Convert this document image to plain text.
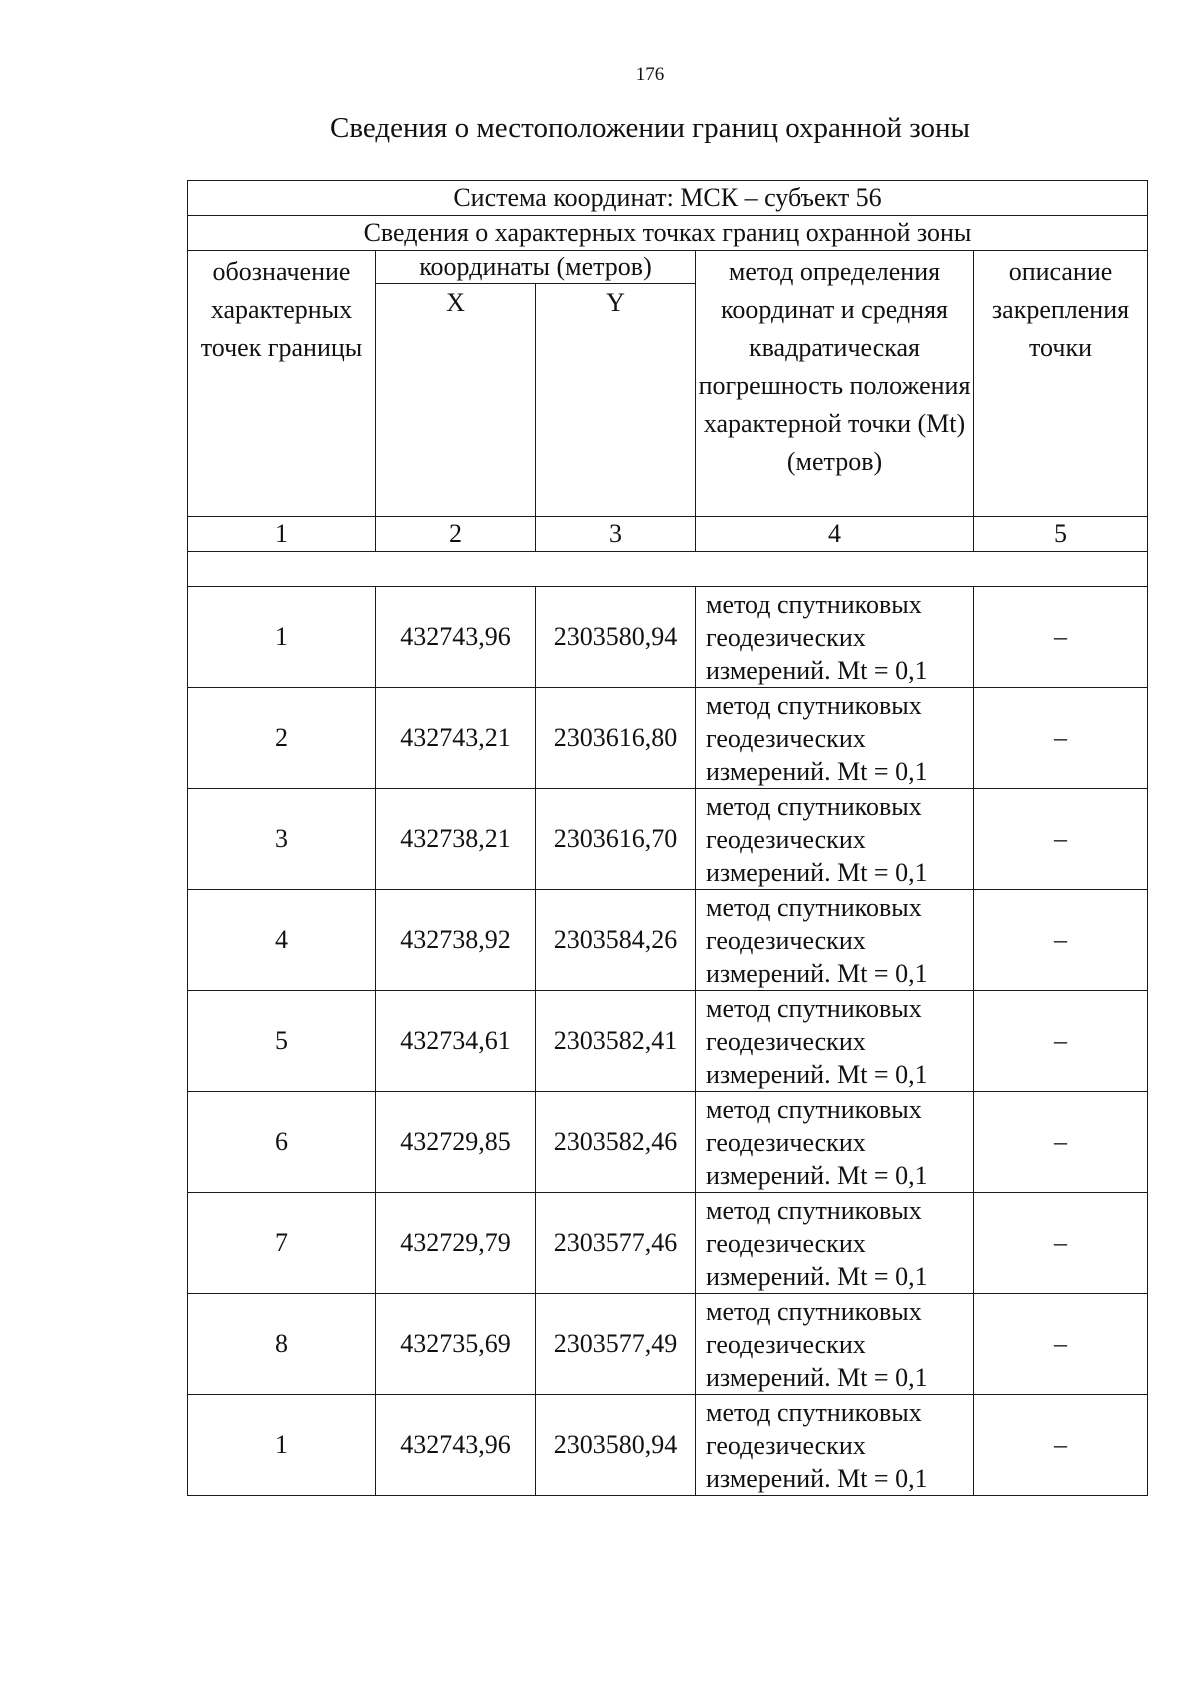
176
Сведения о местоположении границ охранной зоны
Система координат: МСК – субъект 56				
Сведения о характерных точках границ охранной зоны				
обозначение характерных точек границы	координаты (метров)		метод определения координат и средняя квадратическая погрешность положения характерной точки (Mt) (метров)	описание закрепления точки
	X	Y		
1	2	3	4	5

1	432743,96	2303580,94	метод спутниковых геодезических измерений. Mt = 0,1	–
2	432743,21	2303616,80	метод спутниковых геодезических измерений. Mt = 0,1	–
3	432738,21	2303616,70	метод спутниковых геодезических измерений. Mt = 0,1	–
4	432738,92	2303584,26	метод спутниковых геодезических измерений. Mt = 0,1	–
5	432734,61	2303582,41	метод спутниковых геодезических измерений. Mt = 0,1	–
6	432729,85	2303582,46	метод спутниковых геодезических измерений. Mt = 0,1	–
7	432729,79	2303577,46	метод спутниковых геодезических измерений. Mt = 0,1	–
8	432735,69	2303577,49	метод спутниковых геодезических измерений. Mt = 0,1	–
1	432743,96	2303580,94	метод спутниковых геодезических измерений. Mt = 0,1	–
